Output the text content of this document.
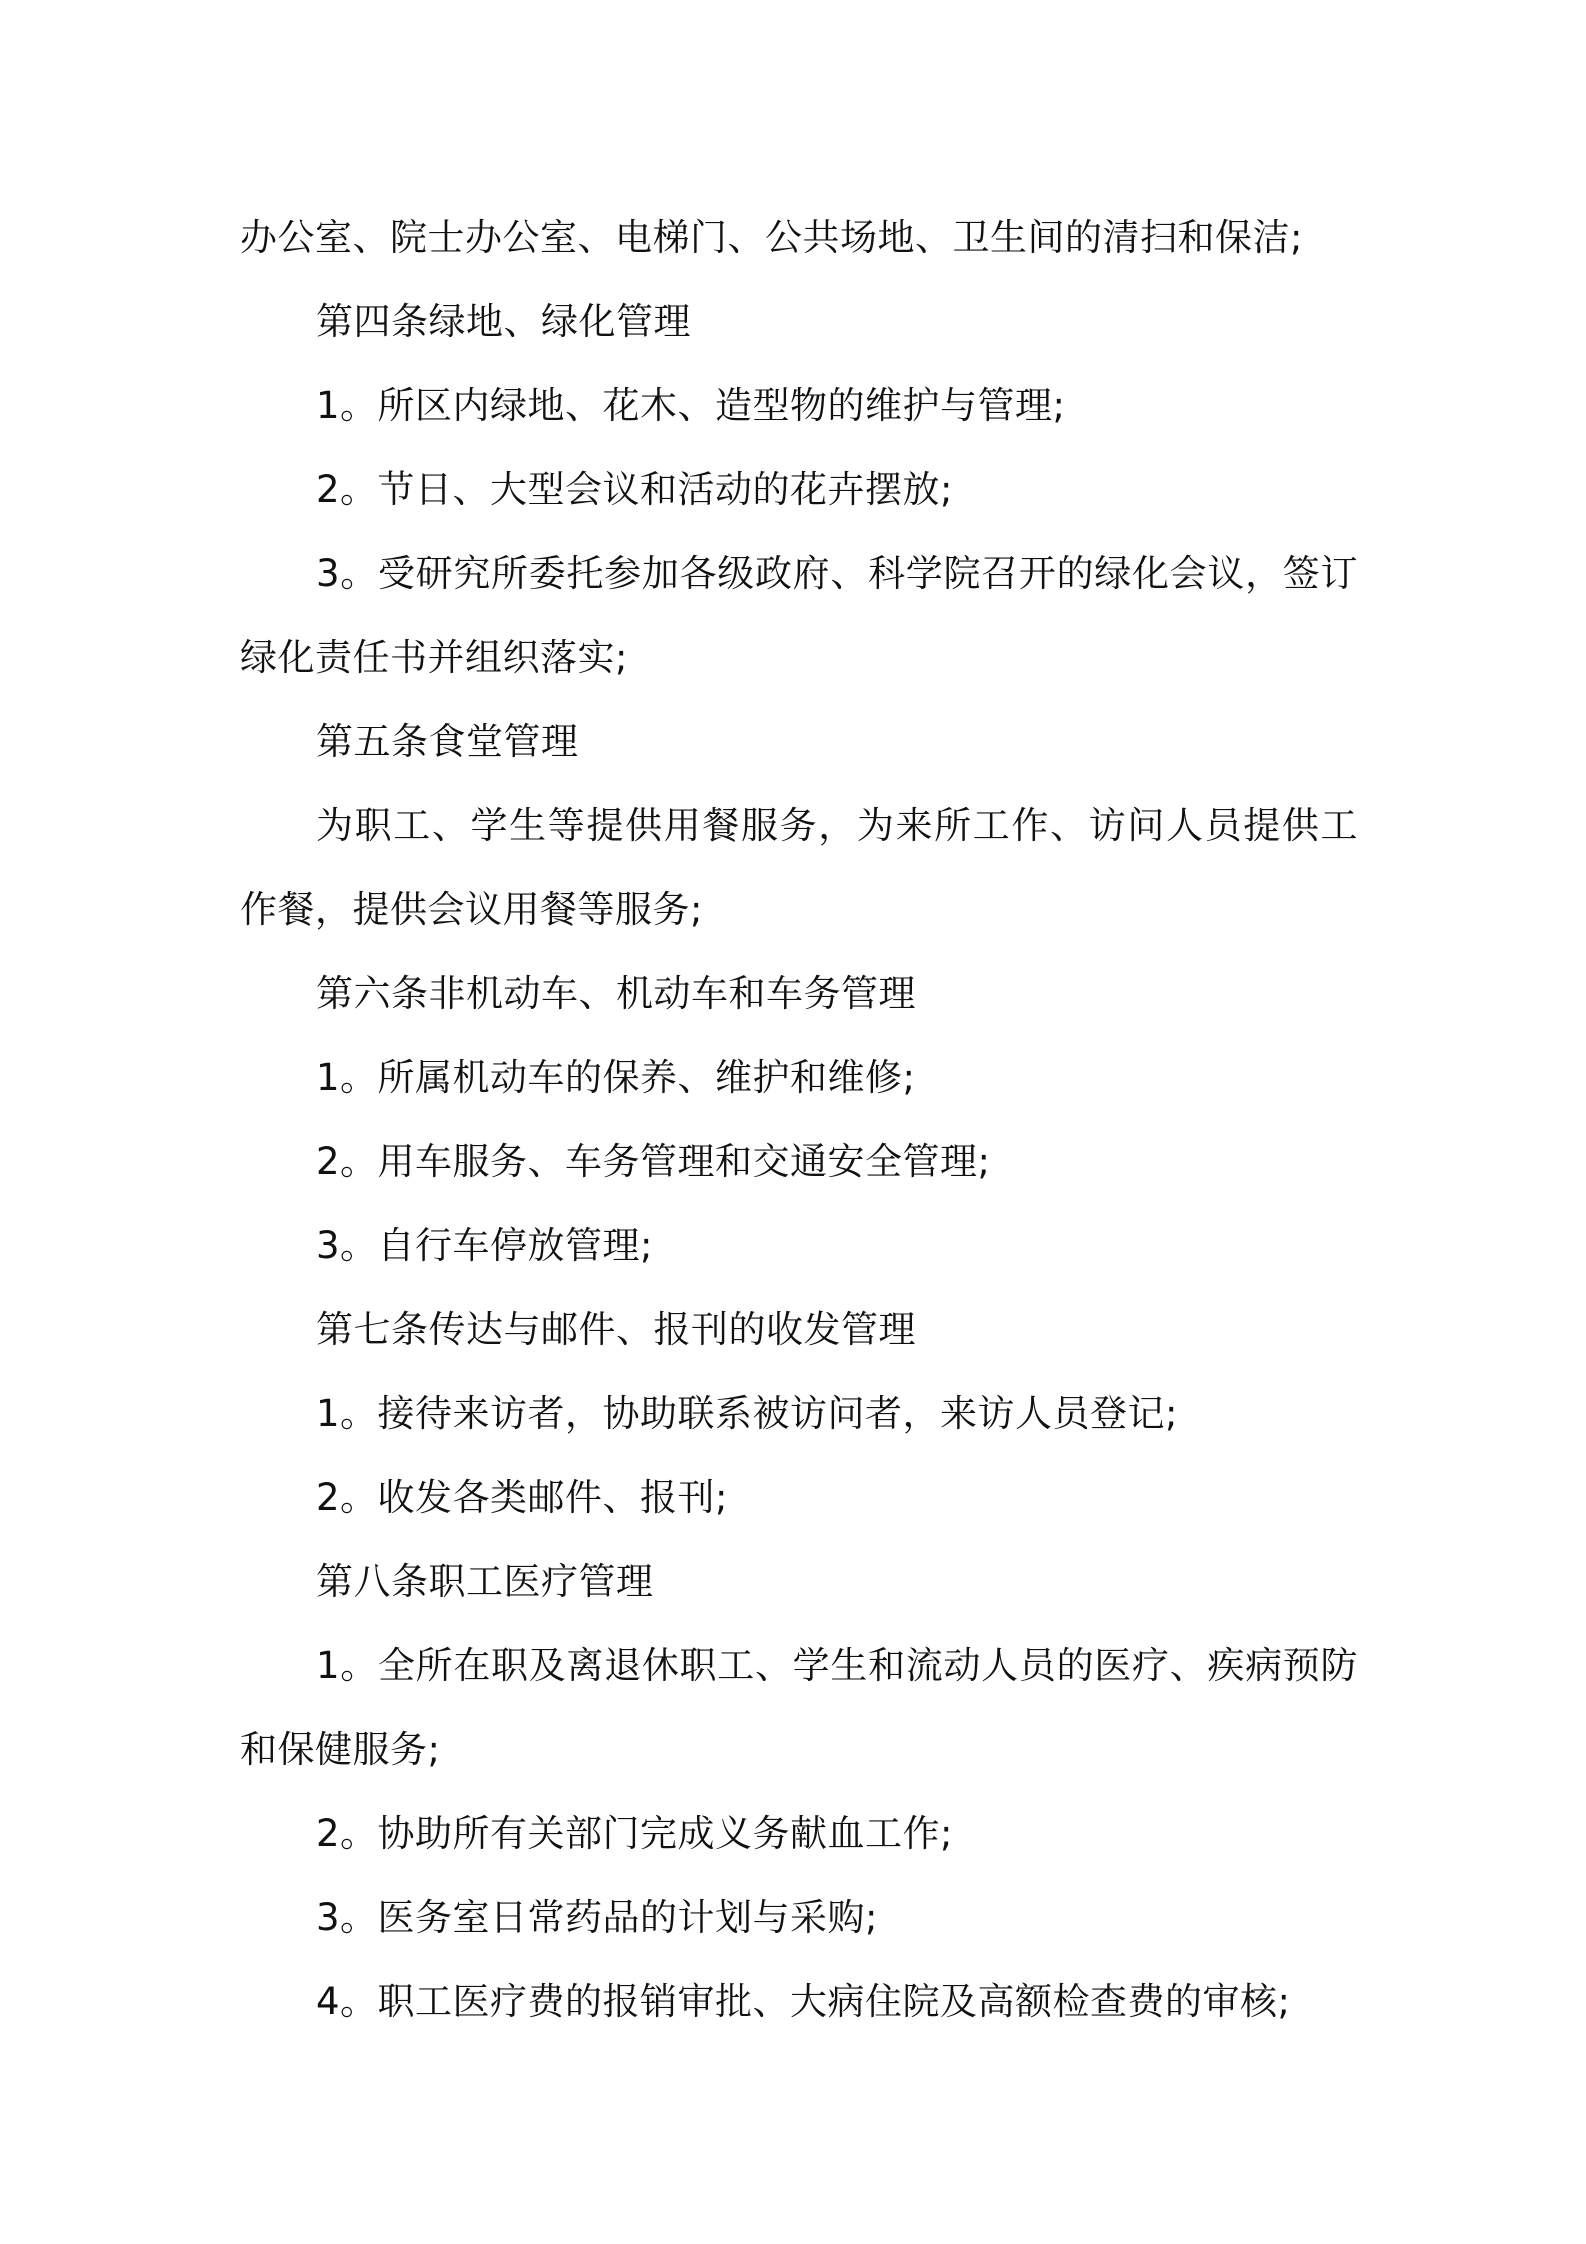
办公室、院士办公室、电梯门、公共场地、卫生间的清扫和保洁;

第四条绿地、绿化管理

1。所区内绿地、花木、造型物的维护与管理;

2。节日、大型会议和活动的花卉摆放;

3。受研究所委托参加各级政府、科学院召开的绿化会议，签订绿化责任书并组织落实;

第五条食堂管理

为职工、学生等提供用餐服务，为来所工作、访问人员提供工作餐，提供会议用餐等服务;

第六条非机动车、机动车和车务管理

1。所属机动车的保养、维护和维修;

2。用车服务、车务管理和交通安全管理;

3。自行车停放管理;

第七条传达与邮件、报刊的收发管理

1。接待来访者，协助联系被访问者，来访人员登记;

2。收发各类邮件、报刊;

第八条职工医疗管理

1。全所在职及离退休职工、学生和流动人员的医疗、疾病预防和保健服务;

2。协助所有关部门完成义务献血工作;

3。医务室日常药品的计划与采购;

4。职工医疗费的报销审批、大病住院及高额检查费的审核;
